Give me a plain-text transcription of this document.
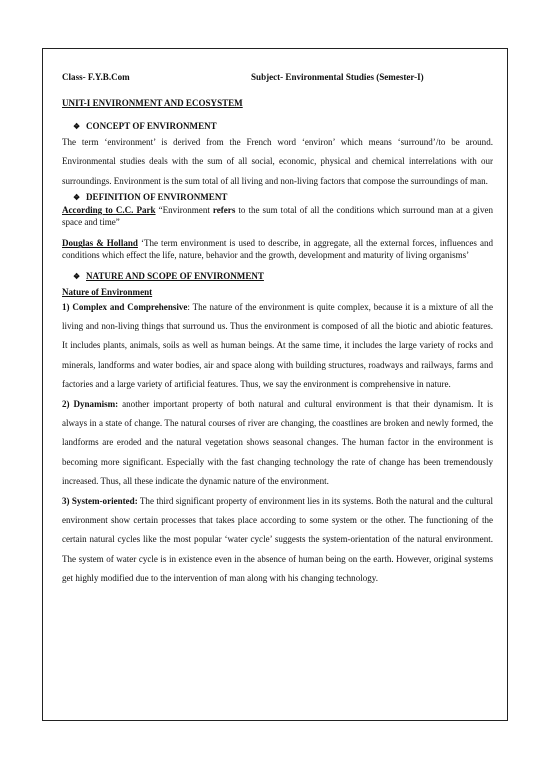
Class- F.Y.B.Com	Subject- Environmental Studies (Semester-I)
UNIT-I ENVIRONMENT AND ECOSYSTEM
❖ CONCEPT OF ENVIRONMENT
The term ‘environment’ is derived from the French word ‘environ’ which means ‘surround’/to be around. Environmental studies deals with the sum of all social, economic, physical and chemical interrelations with our surroundings. Environment is the sum total of all living and non-living factors that compose the surroundings of man.
❖ DEFINITION OF ENVIRONMENT
According to C.C. Park “Environment refers to the sum total of all the conditions which surround man at a given space and time”
Douglas & Holland ‘The term environment is used to describe, in aggregate, all the external forces, influences and conditions which effect the life, nature, behavior and the growth, development and maturity of living organisms’
❖ NATURE AND SCOPE OF ENVIRONMENT
Nature of Environment
1) Complex and Comprehensive: The nature of the environment is quite complex, because it is a mixture of all the living and non-living things that surround us. Thus the environment is composed of all the biotic and abiotic features. It includes plants, animals, soils as well as human beings. At the same time, it includes the large variety of rocks and minerals, landforms and water bodies, air and space along with building structures, roadways and railways, farms and factories and a large variety of artificial features. Thus, we say the environment is comprehensive in nature.
2) Dynamism: another important property of both natural and cultural environment is that their dynamism. It is always in a state of change. The natural courses of river are changing, the coastlines are broken and newly formed, the landforms are eroded and the natural vegetation shows seasonal changes. The human factor in the environment is becoming more significant. Especially with the fast changing technology the rate of change has been tremendously increased. Thus, all these indicate the dynamic nature of the environment.
3) System-oriented: The third significant property of environment lies in its systems. Both the natural and the cultural environment show certain processes that takes place according to some system or the other. The functioning of the certain natural cycles like the most popular ‘water cycle’ suggests the system-orientation of the natural environment. The system of water cycle is in existence even in the absence of human being on the earth. However, original systems get highly modified due to the intervention of man along with his changing technology.
